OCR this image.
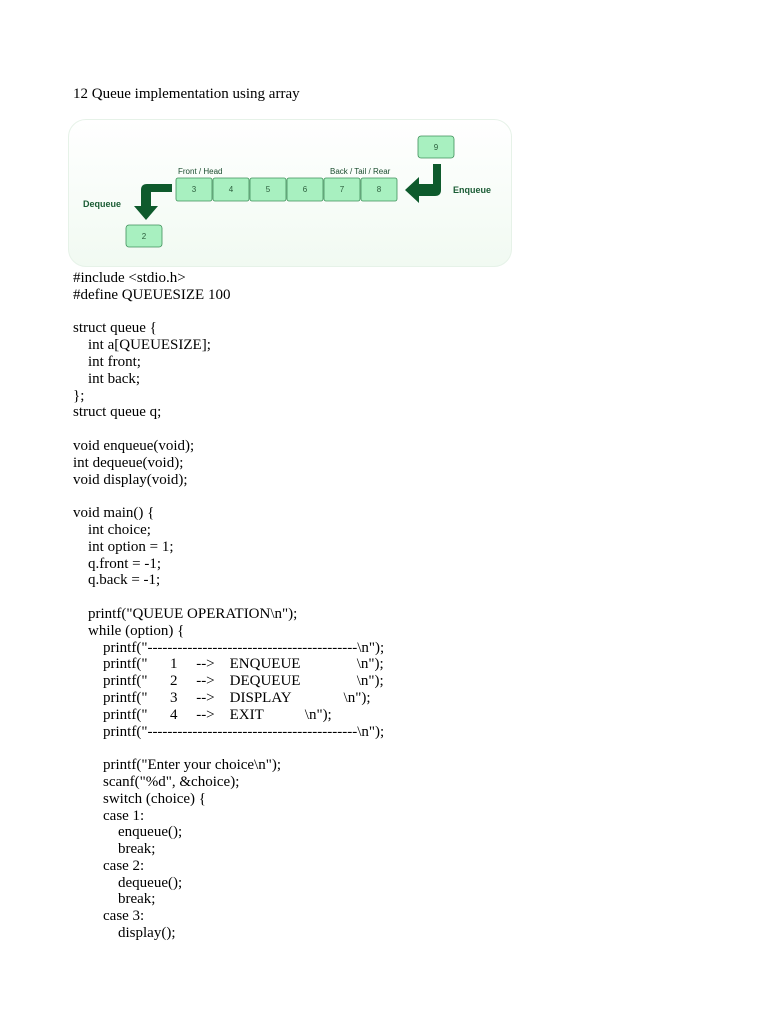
12 Queue implementation using array
Front / Head	Back / Tail / Rear
Dequeue
Enqueue
3	4	5	6	7	8
9
2
#include <stdio.h>
#define QUEUESIZE 100
struct queue {
int a[QUEUESIZE];
int front;
int back;
};
struct queue q;
void enqueue(void);
int dequeue(void);
void display(void);
void main() {
int choice;
int option = 1;
q.front = -1;
q.back = -1;
printf("QUEUE OPERATION\n");
while (option) {
printf("------------------------------------------\n");
printf("      1     -->    ENQUEUE               \n");
printf("      2     -->    DEQUEUE               \n");
printf("      3     -->    DISPLAY              \n");
printf("      4     -->    EXIT           \n");
printf("------------------------------------------\n");
printf("Enter your choice\n");
scanf("%d", &choice);
switch (choice) {
case 1:
enqueue();
break;
case 2:
dequeue();
break;
case 3:
display();
